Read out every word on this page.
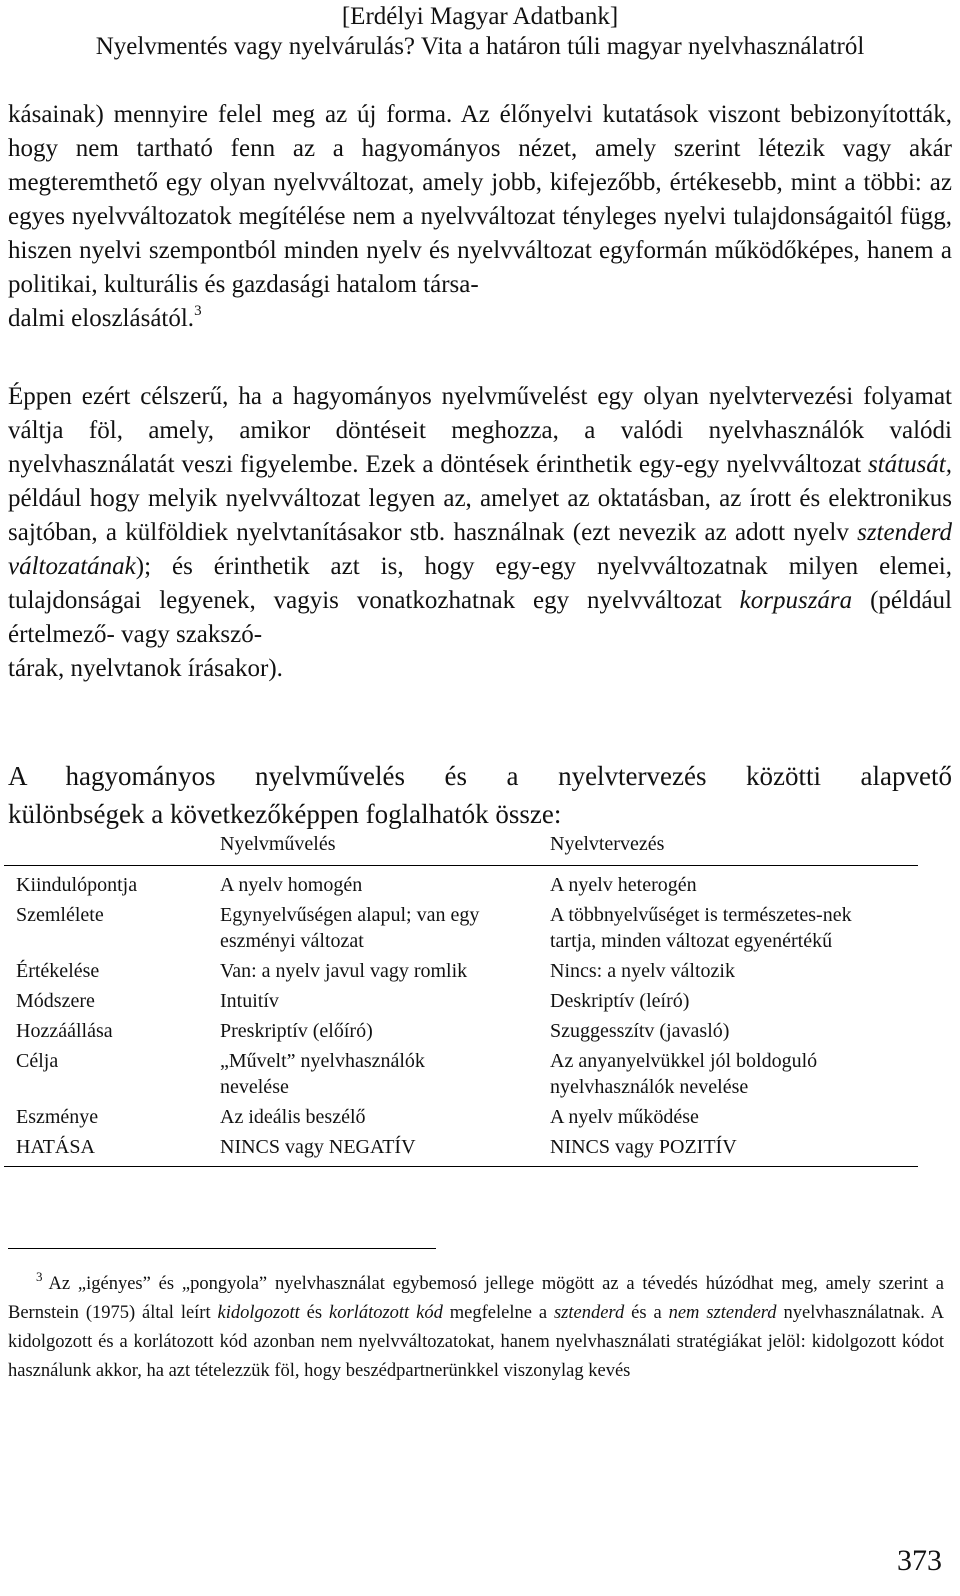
[Erdélyi Magyar Adatbank]
Nyelvmentés vagy nyelvárulás? Vita a határon túli magyar nyelvhasználatról

kásainak) mennyire felel meg az új forma. Az élőnyelvi kutatások viszont bebizonyították, hogy nem tartható fenn az a hagyományos nézet, amely szerint létezik vagy akár megteremthető egy olyan nyelvváltozat, amely jobb, kifejezőbb, értékesebb, mint a többi: az egyes nyelvváltozatok megítélése nem a nyelvváltozat tényleges nyelvi tulajdonságaitól függ, hiszen nyelvi szempontból minden nyelv és nyelvváltozat egyformán működőképes, hanem a politikai, kulturális és gazdasági hatalom társa-

dalmi eloszlásától.$^3$

Éppen ezért célszerű, ha a hagyományos nyelvművelést egy olyan nyelvtervezési folyamat váltja föl, amely, amikor döntéseit meghozza, a valódi nyelvhasználók valódi nyelvhasználatát veszi figyelembe. Ezek a döntések érinthetik egy-egy nyelvváltozat státusát, például hogy melyik nyelvváltozat legyen az, amelyet az oktatásban, az írott és elektronikus sajtóban, a külföldiek nyelvtanításakor stb. használnak (ezt nevezik az adott nyelv sztenderd változatának); és érinthetik azt is, hogy egy-egy nyelvváltozatnak milyen elemei, tulajdonságai legyenek, vagyis vonatkozhatnak egy nyelvváltozat korpuszára (például értelmező- vagy szakszó-

tárak, nyelvtanok írásakor).

A hagyományos nyelvművelés és a nyelvtervezés közötti alapvető

különbségek a következőképpen foglalhatók össze:

	Nyelvművelés	Nyelvtervezés
Kiindulópontja	A nyelv homogén	A nyelv heterogén
Szemlélete	Egynyelvűségen alapul; van egy eszményi változat	A többnyelvűséget is természetes-nek tartja, minden változat egyenértékű
Értékelése	Van: a nyelv javul vagy romlik	Nincs: a nyelv változik
Módszere	Intuitív	Deskriptív (leíró)
Hozzáállása	Preskriptív (előíró)	Szuggesszítv (javasló)
Célja	„Művelt” nyelvhasználók nevelése	Az anyanyelvükkel jól boldoguló nyelvhasználók nevelése
Eszménye	Az ideális beszélő	A nyelv működése
HATÁSA	NINCS vagy NEGATÍV	NINCS vagy POZITÍV
$^3$ Az „igényes” és „pongyola” nyelvhasználat egybemosó jellege mögött az a tévedés húzódhat meg, amely szerint a Bernstein (1975) által leírt kidolgozott és korlátozott kód megfelelne a sztenderd és a nem sztenderd nyelvhasználatnak. A kidolgozott és a korlátozott kód azonban nem nyelvváltozatokat, hanem nyelvhasználati stratégiákat jelöl: kidolgozott kódot használunk akkor, ha azt tételezzük föl, hogy beszédpartnerünkkel viszonylag kevés
373
